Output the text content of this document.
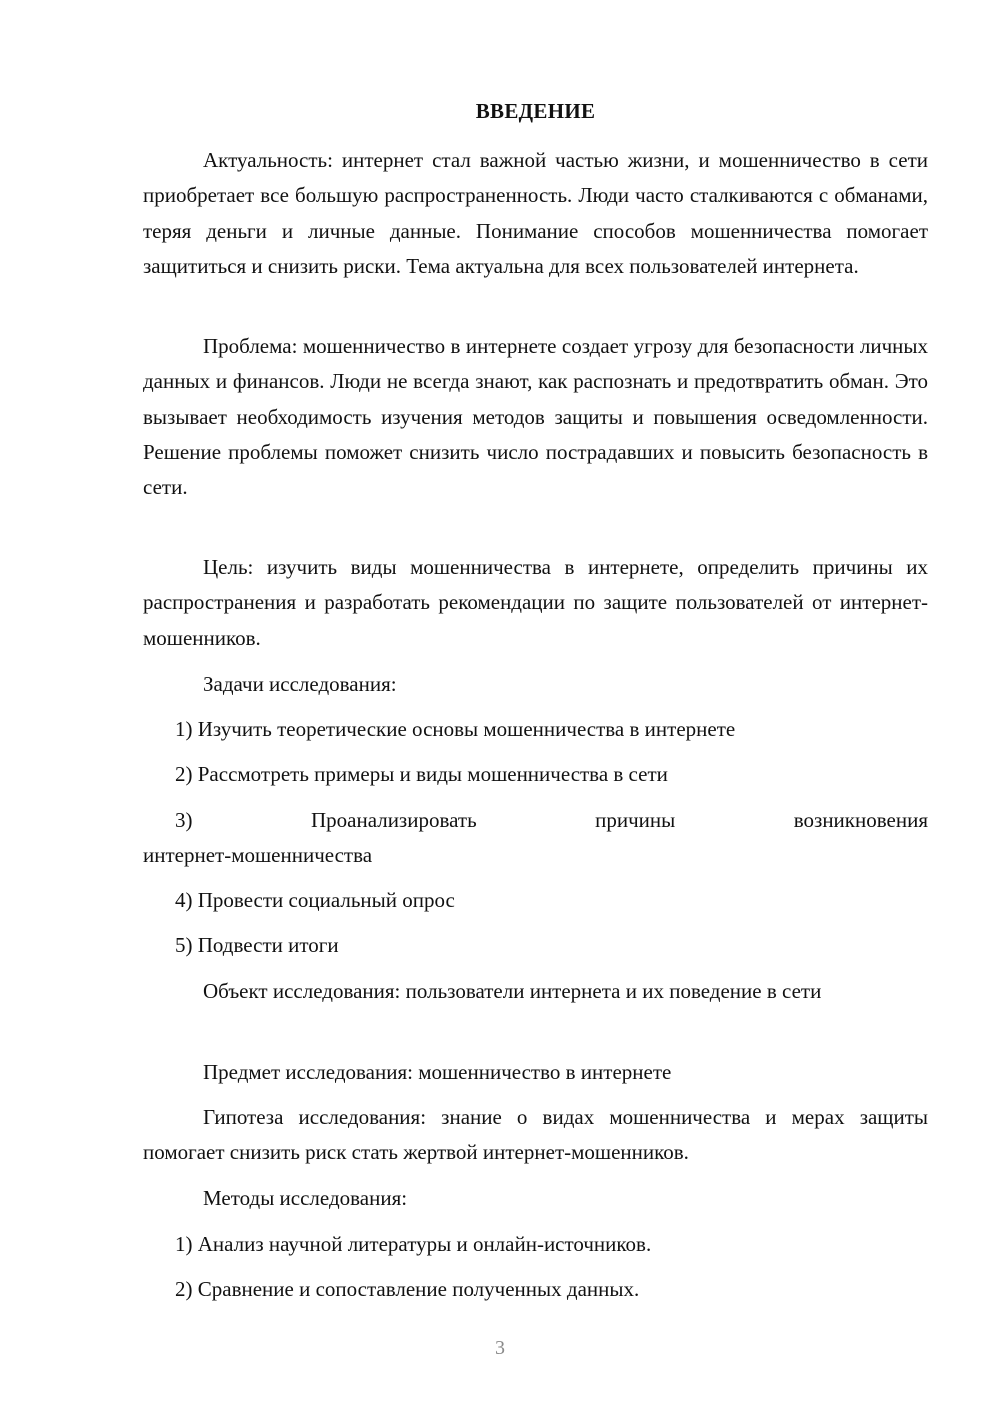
ВВЕДЕНИЕ

Актуальность: интернет стал важной частью жизни, и мошенничество в сети приобретает все большую распространенность. Люди часто сталкиваются с обманами, теряя деньги и личные данные. Понимание способов мошенничества помогает защититься и снизить риски. Тема актуальна для всех пользователей интернета.

Проблема: мошенничество в интернете создает угрозу для безопасности личных данных и финансов. Люди не всегда знают, как распознать и предотвратить обман. Это вызывает необходимость изучения методов защиты и повышения осведомленности. Решение проблемы поможет снизить число пострадавших и повысить безопасность в сети.

Цель: изучить виды мошенничества в интернете, определить причины их распространения и разработать рекомендации по защите пользователей от интернет-мошенников.

Задачи исследования:

1) Изучить теоретические основы мошенничества в интернете

2) Рассмотреть примеры и виды мошенничества в сети

3) Проанализировать причины возникновения интернет-мошенничества

4) Провести социальный опрос

5) Подвести итоги

Объект исследования: пользователи интернета и их поведение в сети

Предмет исследования: мошенничество в интернете

Гипотеза исследования: знание о видах мошенничества и мерах защиты помогает снизить риск стать жертвой интернет-мошенников.

Методы исследования:

1) Анализ научной литературы и онлайн-источников.

2) Сравнение и сопоставление полученных данных.

3
